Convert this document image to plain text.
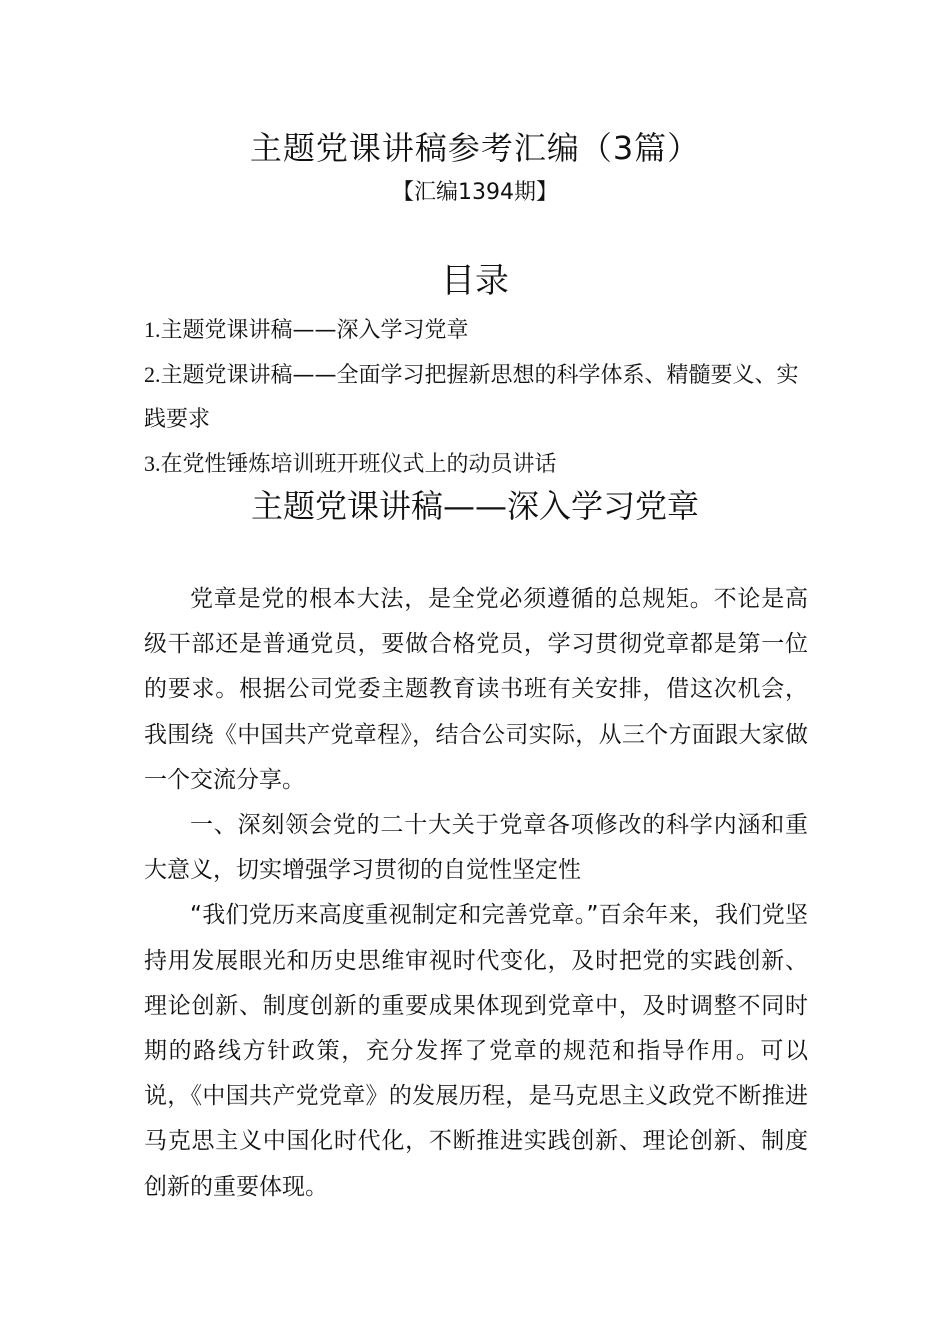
主题党课讲稿参考汇编（3篇）
【汇编1394期】
目录
1.主题党课讲稿——深入学习党章
2.主题党课讲稿——全面学习把握新思想的科学体系、精髓要义、实践要求
3.在党性锤炼培训班开班仪式上的动员讲话
主题党课讲稿——深入学习党章

党章是党的根本大法，是全党必须遵循的总规矩。不论是高级干部还是普通党员，要做合格党员，学习贯彻党章都是第一位的要求。根据公司党委主题教育读书班有关安排，借这次机会，我围绕《中国共产党章程》，结合公司实际，从三个方面跟大家做一个交流分享。

一、深刻领会党的二十大关于党章各项修改的科学内涵和重大意义，切实增强学习贯彻的自觉性坚定性

“我们党历来高度重视制定和完善党章。”百余年来，我们党坚持用发展眼光和历史思维审视时代变化，及时把党的实践创新、理论创新、制度创新的重要成果体现到党章中，及时调整不同时期的路线方针政策，充分发挥了党章的规范和指导作用。可以说，《中国共产党党章》的发展历程，是马克思主义政党不断推进马克思主义中国化时代化，不断推进实践创新、理论创新、制度创新的重要体现。
